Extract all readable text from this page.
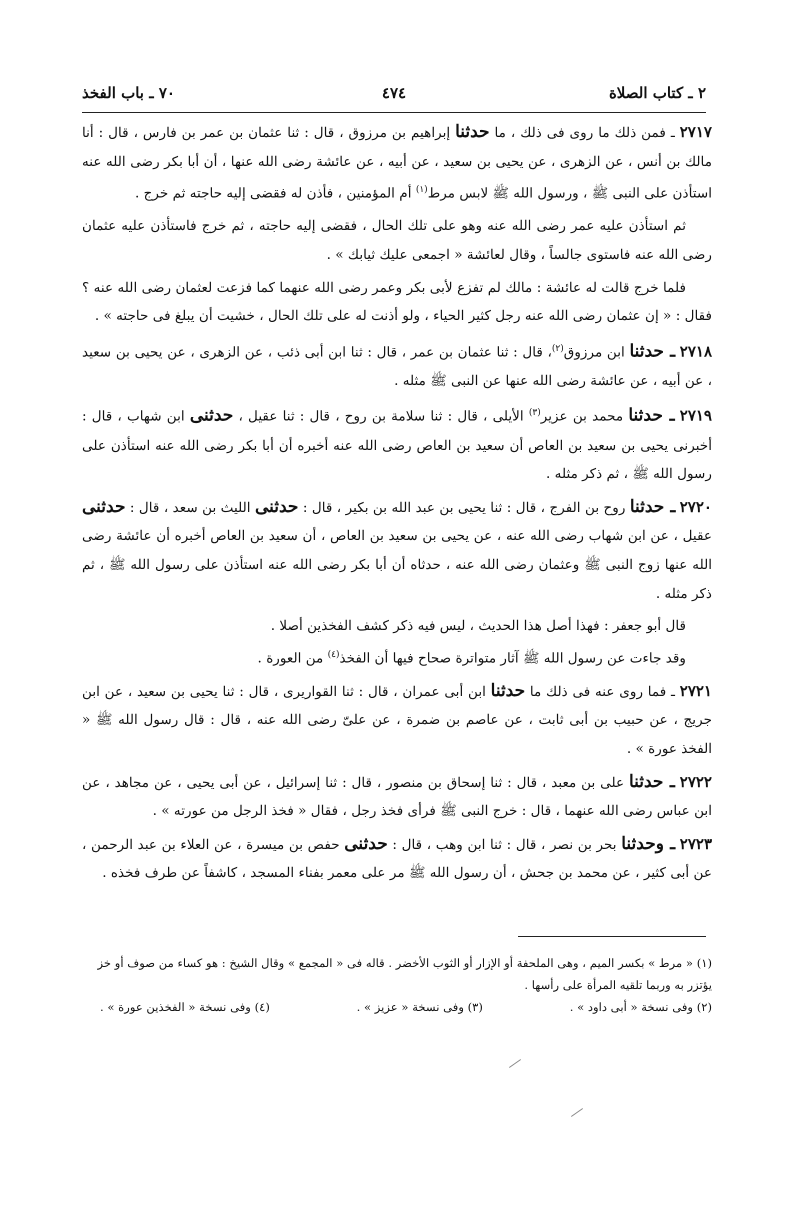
٤٧٤	٢ ـ كتاب الصلاة
٧٠ ـ باب الفخذ

٢٧١٧ ـ فمن ذلك ما روى فى ذلك ، ما حدثنا إبراهيم بن مرزوق ، قال : ثنا عثمان بن عمر بن فارس ، قال : أنا مالك بن أنس ، عن الزهرى ، عن يحيى بن سعيد ، عن أبيه ، عن عائشة رضى الله عنها ، أن أبا بكر رضى الله عنه استأذن على النبى ﷺ ، ورسول الله ﷺ لابس مرط$^{(١)}$ أم المؤمنين ، فأذن له فقضى إليه حاجته ثم خرج .

ثم استأذن عليه عمر رضى الله عنه وهو على تلك الحال ، فقضى إليه حاجته ، ثم خرج فاستأذن عليه عثمان رضى الله عنه فاستوى جالساً ، وقال لعائشة « اجمعى عليك ثيابك » .

فلما خرج قالت له عائشة : مالك لم تفزع لأبى بكر وعمر رضى الله عنهما كما فزعت لعثمان رضى الله عنه ؟ فقال : « إن عثمان رضى الله عنه رجل كثير الحياء ، ولو أذنت له على تلك الحال ، خشيت أن يبلغ فى حاجته » .

٢٧١٨ ـ حدثنا ابن مرزوق$^{(٢)}$، قال : ثنا عثمان بن عمر ، قال : ثنا ابن أبى ذئب ، عن الزهرى ، عن يحيى بن سعيد ، عن أبيه ، عن عائشة رضى الله عنها عن النبى ﷺ مثله .

٢٧١٩ ـ حدثنا محمد بن عزير$^{(٣)}$ الأيلى ، قال : ثنا سلامة بن روح ، قال : ثنا عقيل ، حدثنى ابن شهاب ، قال : أخبرنى يحيى بن سعيد بن العاص أن سعيد بن العاص رضى الله عنه أخبره أن أبا بكر رضى الله عنه استأذن على رسول الله ﷺ ، ثم ذكر مثله .

٢٧٢٠ ـ حدثنا روح بن الفرج ، قال : ثنا يحيى بن عبد الله بن بكير ، قال : حدثنى الليث بن سعد ، قال : حدثنى عقيل ، عن ابن شهاب رضى الله عنه ، عن يحيى بن سعيد بن العاص ، أن سعيد بن العاص أخبره أن عائشة رضى الله عنها زوج النبى ﷺ وعثمان رضى الله عنه ، حدثاه أن أبا بكر رضى الله عنه استأذن على رسول الله ﷺ ، ثم ذكر مثله .

قال أبو جعفر : فهذا أصل هذا الحديث ، ليس فيه ذكر كشف الفخذين أصلا .

وقد جاءت عن رسول الله ﷺ آثار متواترة صحاح فيها أن الفخذ$^{(٤)}$ من العورة .

٢٧٢١ ـ فما روى عنه فى ذلك ما حدثنا ابن أبى عمران ، قال : ثنا القواريرى ، قال : ثنا يحيى بن سعيد ، عن ابن جريج ، عن حبيب بن أبى ثابت ، عن عاصم بن ضمرة ، عن علىّ رضى الله عنه ، قال : قال رسول الله ﷺ « الفخذ عورة » .

٢٧٢٢ ـ حدثنا على بن معبد ، قال : ثنا إسحاق بن منصور ، قال : ثنا إسرائيل ، عن أبى يحيى ، عن مجاهد ، عن ابن عباس رضى الله عنهما ، قال : خرج النبى ﷺ فرأى فخذ رجل ، فقال « فخذ الرجل من عورته » .

٢٧٢٣ ـ وحدثنا بحر بن نصر ، قال : ثنا ابن وهب ، قال : حدثنى حفص بن ميسرة ، عن العلاء بن عبد الرحمن ، عن أبى كثير ، عن محمد بن جحش ، أن رسول الله ﷺ مر على معمر بفناء المسجد ، كاشفاً عن طرف فخذه .

(١) « مرط » بكسر الميم ، وهى الملحفة أو الإزار أو الثوب الأخضر . قاله فى « المجمع » وقال الشيخ : هو كساء من صوف أو خز يؤتزر به وربما تلقيه المرأة على رأسها .
(٢) وفى نسخة « أبى داود » .
(٣) وفى نسخة « عزيز » .
(٤) وفى نسخة « الفخذين عورة » .
